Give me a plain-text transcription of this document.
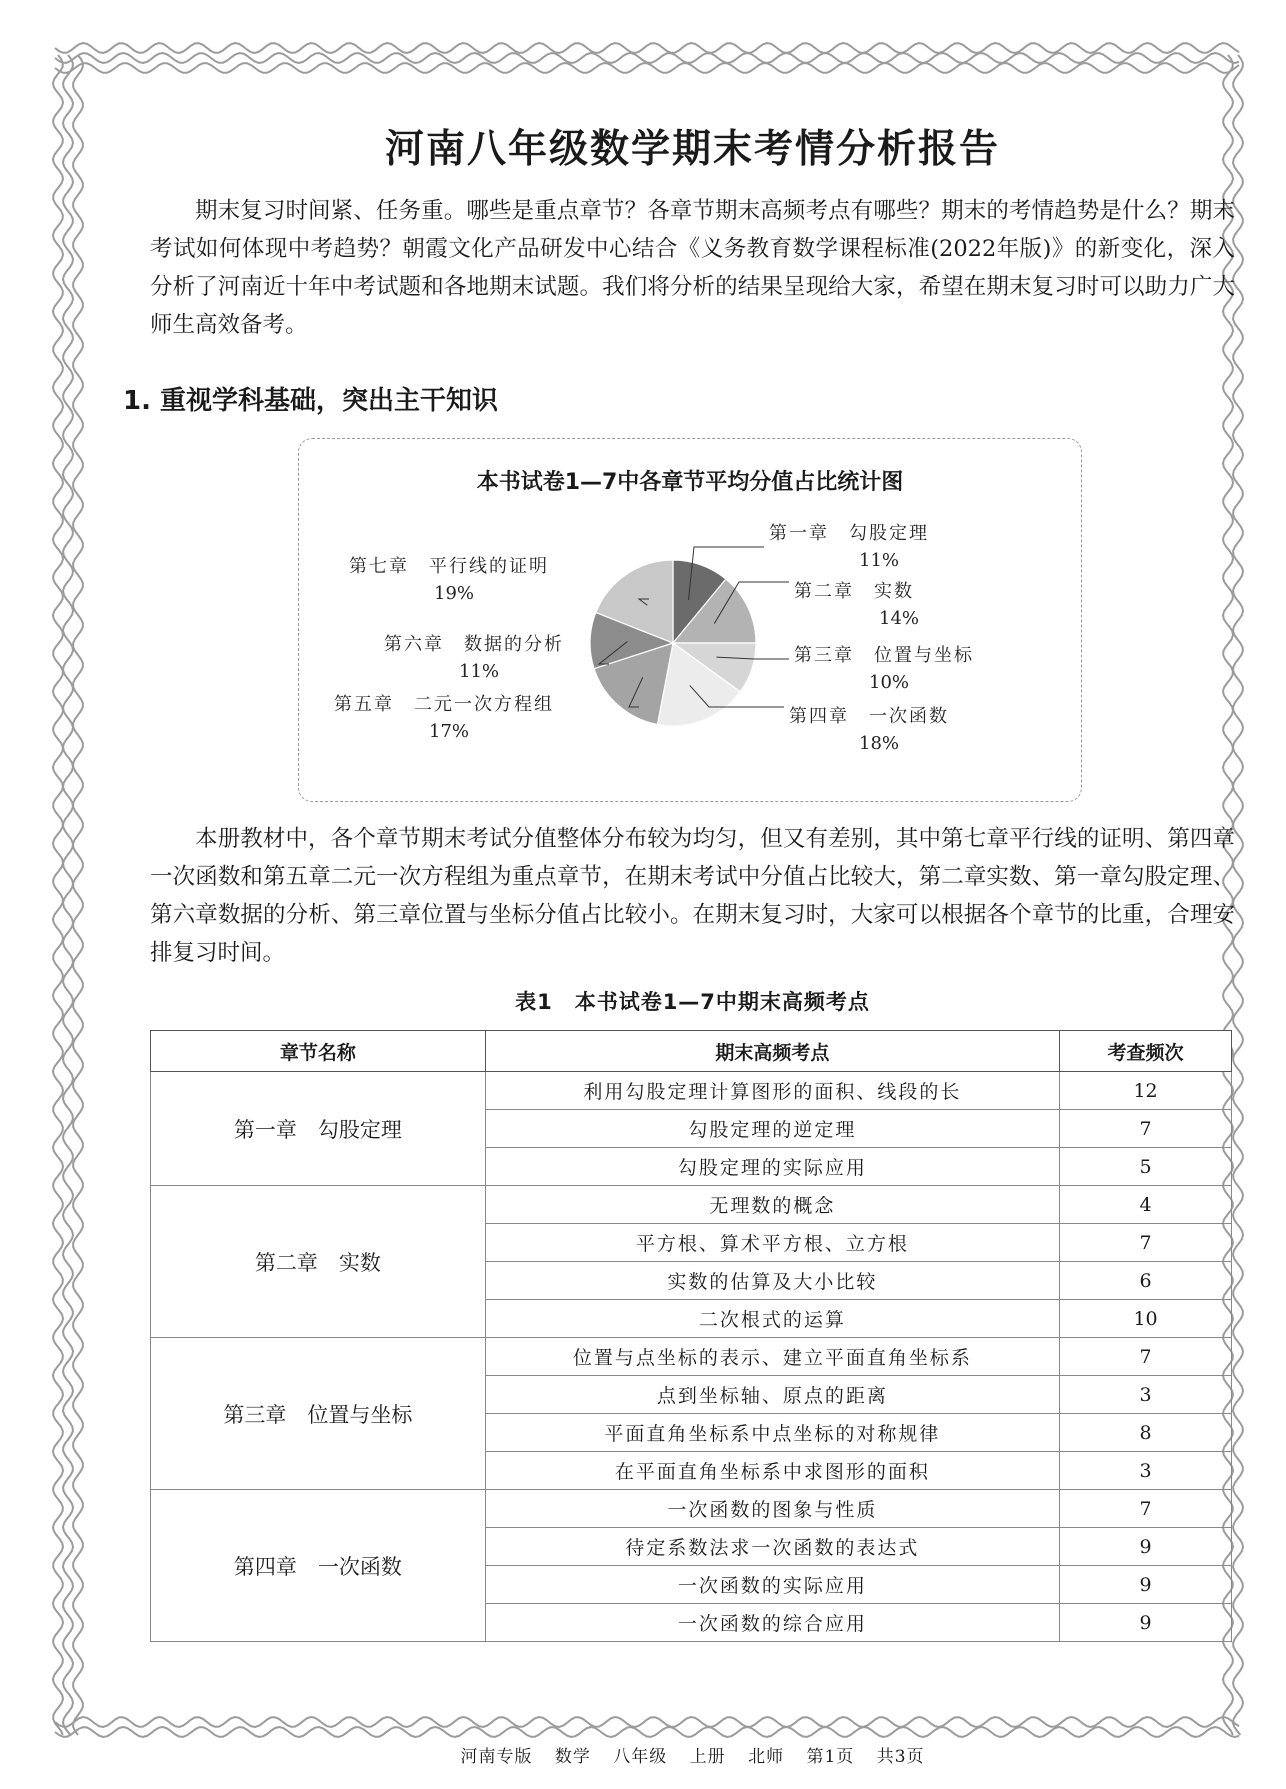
河南八年级数学期末考情分析报告

期末复习时间紧、任务重。哪些是重点章节？各章节期末高频考点有哪些？期末的考情趋势是什么？期末考试如何体现中考趋势？朝霞文化产品研发中心结合《义务教育数学课程标准(2022年版)》的新变化，深入分析了河南近十年中考试题和各地期末试题。我们将分析的结果呈现给大家，希望在期末复习时可以助力广大师生高效备考。

1. 重视学科基础，突出主干知识
本书试卷1—7中各章节平均分值占比统计图
第一章　勾股定理
11%
第二章　实数
14%
第三章　位置与坐标
10%
第四章　一次函数
18%
第五章　二元一次方程组
17%
第六章　数据的分析
11%
第七章　平行线的证明
19%

本册教材中，各个章节期末考试分值整体分布较为均匀，但又有差别，其中第七章平行线的证明、第四章一次函数和第五章二元一次方程组为重点章节，在期末考试中分值占比较大，第二章实数、第一章勾股定理、第六章数据的分析、第三章位置与坐标分值占比较小。在期末复习时，大家可以根据各个章节的比重，合理安排复习时间。

表1　本书试卷1—7中期末高频考点
章节名称	期末高频考点	考查频次
第一章　勾股定理	利用勾股定理计算图形的面积、线段的长	12
	勾股定理的逆定理	7
	勾股定理的实际应用	5
第二章　实数	无理数的概念	4
	平方根、算术平方根、立方根	7
	实数的估算及大小比较	6
	二次根式的运算	10
第三章　位置与坐标	位置与点坐标的表示、建立平面直角坐标系	7
	点到坐标轴、原点的距离	3
	平面直角坐标系中点坐标的对称规律	8
	在平面直角坐标系中求图形的面积	3
第四章　一次函数	一次函数的图象与性质	7
	待定系数法求一次函数的表达式	9
	一次函数的实际应用	9
	一次函数的综合应用	9
河南专版 数学 八年级 上册 北师 第1页 共3页
